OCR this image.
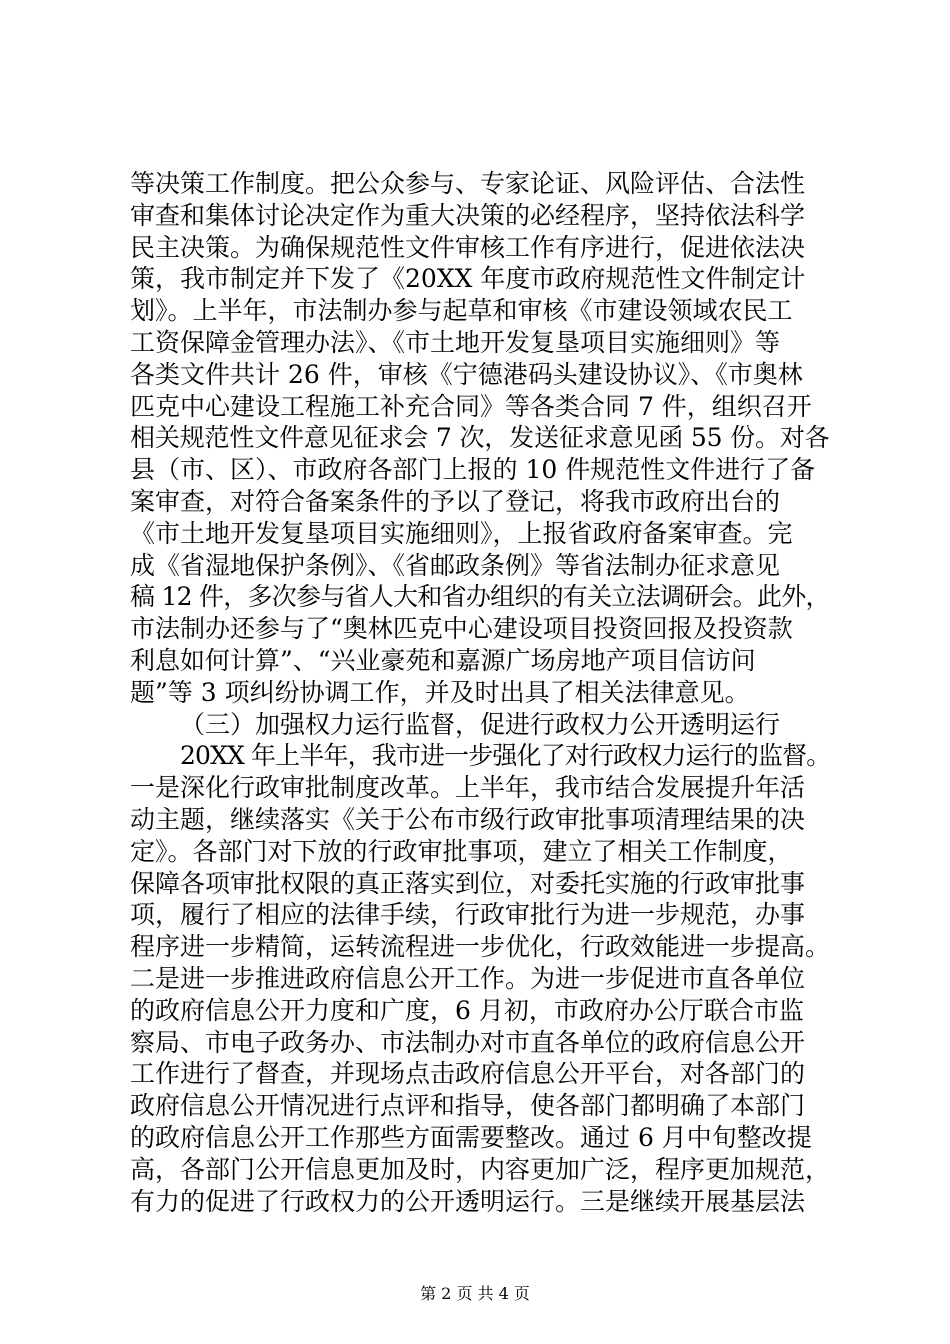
等决策工作制度。把公众参与、专家论证、风险评估、合法性
审查和集体讨论决定作为重大决策的必经程序，坚持依法科学
民主决策。为确保规范性文件审核工作有序进行，促进依法决
策，我市制定并下发了《20XX 年度市政府规范性文件制定计
划》。上半年，市法制办参与起草和审核《市建设领域农民工
工资保障金管理办法》、《市土地开发复垦项目实施细则》等
各类文件共计 26 件，审核《宁德港码头建设协议》、《市奥林
匹克中心建设工程施工补充合同》等各类合同 7 件，组织召开
相关规范性文件意见征求会 7 次，发送征求意见函 55 份。对各
县（市、区）、市政府各部门上报的 10 件规范性文件进行了备
案审查，对符合备案条件的予以了登记，将我市政府出台的
《市土地开发复垦项目实施细则》，上报省政府备案审查。完
成《省湿地保护条例》、《省邮政条例》等省法制办征求意见
稿 12 件，多次参与省人大和省办组织的有关立法调研会。此外，
市法制办还参与了“奥林匹克中心建设项目投资回报及投资款
利息如何计算”、“兴业豪苑和嘉源广场房地产项目信访问
题”等 3 项纠纷协调工作，并及时出具了相关法律意见。
（三）加强权力运行监督，促进行政权力公开透明运行
20XX 年上半年，我市进一步强化了对行政权力运行的监督。
一是深化行政审批制度改革。上半年，我市结合发展提升年活
动主题，继续落实《关于公布市级行政审批事项清理结果的决
定》。各部门对下放的行政审批事项，建立了相关工作制度，
保障各项审批权限的真正落实到位，对委托实施的行政审批事
项，履行了相应的法律手续，行政审批行为进一步规范，办事
程序进一步精简，运转流程进一步优化，行政效能进一步提高。
二是进一步推进政府信息公开工作。为进一步促进市直各单位
的政府信息公开力度和广度，6 月初，市政府办公厅联合市监
察局、市电子政务办、市法制办对市直各单位的政府信息公开
工作进行了督查，并现场点击政府信息公开平台，对各部门的
政府信息公开情况进行点评和指导，使各部门都明确了本部门
的政府信息公开工作那些方面需要整改。通过 6 月中旬整改提
高，各部门公开信息更加及时，内容更加广泛，程序更加规范，
有力的促进了行政权力的公开透明运行。三是继续开展基层法
第 2 页 共 4 页
